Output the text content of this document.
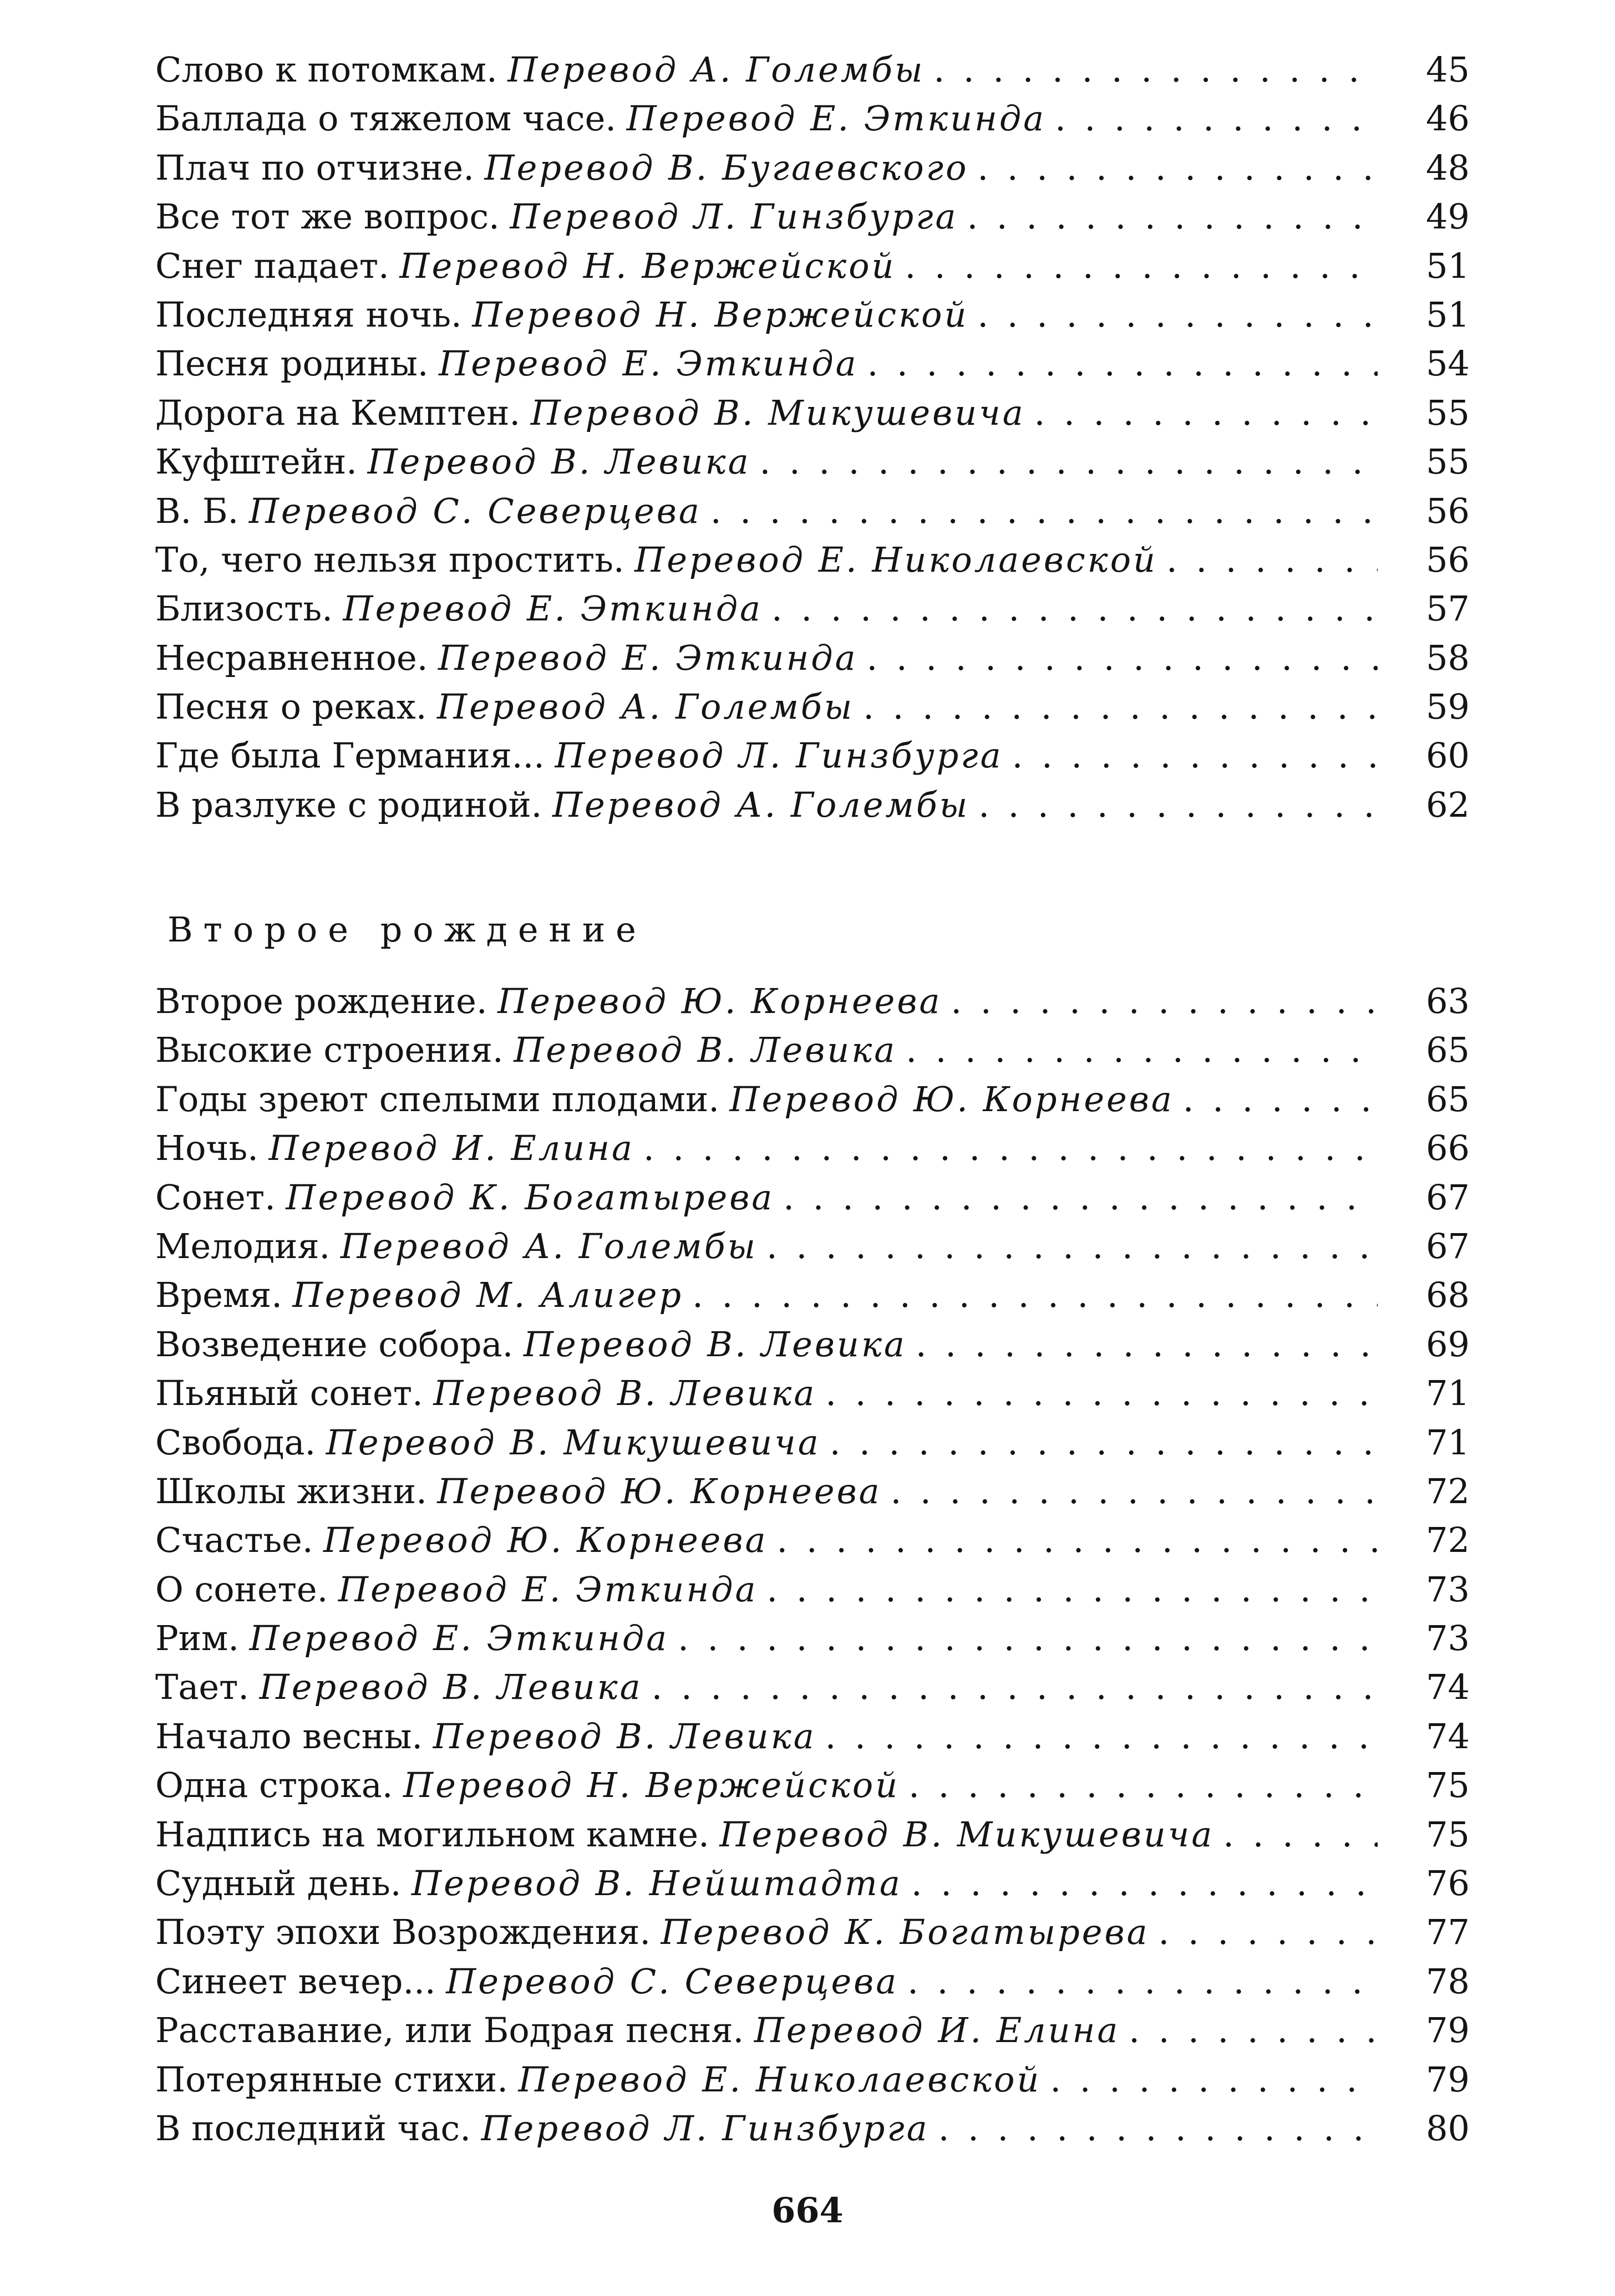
Слово к потомкам. Перевод А. Голембы . . .	45
Баллада о тяжелом часе. Перевод Е. Эткинда . . .	46
Плач по отчизне. Перевод В. Бугаевского . . .	48
Все тот же вопрос. Перевод Л. Гинзбурга . . .	49
Снег падает. Перевод Н. Вержейской . . .	51
Последняя ночь. Перевод Н. Вержейской . . .	51
Песня родины. Перевод Е. Эткинда . . .	54
Дорога на Кемптен. Перевод В. Микушевича . . .	55
Куфштейн. Перевод В. Левика . . .	55
В. Б. Перевод С. Северцева . . .	56
То, чего нельзя простить. Перевод Е. Николаевской . . .	56
Близость. Перевод Е. Эткинда . . .	57
Несравненное. Перевод Е. Эткинда . . .	58
Песня о реках. Перевод А. Голембы . . .	59
Где была Германия... Перевод Л. Гинзбурга . . .	60
В разлуке с родиной. Перевод А. Голембы . . .	62
Второе рождение
Второе рождение. Перевод Ю. Корнеева . . .	63
Высокие строения. Перевод В. Левика . . .	65
Годы зреют спелыми плодами. Перевод Ю. Корнеева . . .	65
Ночь. Перевод И. Елина . . .	66
Сонет. Перевод К. Богатырева . . .	67
Мелодия. Перевод А. Голембы . . .	67
Время. Перевод М. Алигер . . .	68
Возведение собора. Перевод В. Левика . . .	69
Пьяный сонет. Перевод В. Левика . . .	71
Свобода. Перевод В. Микушевича . . .	71
Школы жизни. Перевод Ю. Корнеева . . .	72
Счастье. Перевод Ю. Корнеева . . .	72
О сонете. Перевод Е. Эткинда . . .	73
Рим. Перевод Е. Эткинда . . .	73
Тает. Перевод В. Левика . . .	74
Начало весны. Перевод В. Левика . . .	74
Одна строка. Перевод Н. Вержейской . . .	75
Надпись на могильном камне. Перевод В. Микушевича . . .	75
Судный день. Перевод В. Нейштадта . . .	76
Поэту эпохи Возрождения. Перевод К. Богатырева . . .	77
Синеет вечер... Перевод С. Северцева . . .	78
Расставание, или Бодрая песня. Перевод И. Елина . . .	79
Потерянные стихи. Перевод Е. Николаевской . . .	79
В последний час. Перевод Л. Гинзбурга . . .	80

664
